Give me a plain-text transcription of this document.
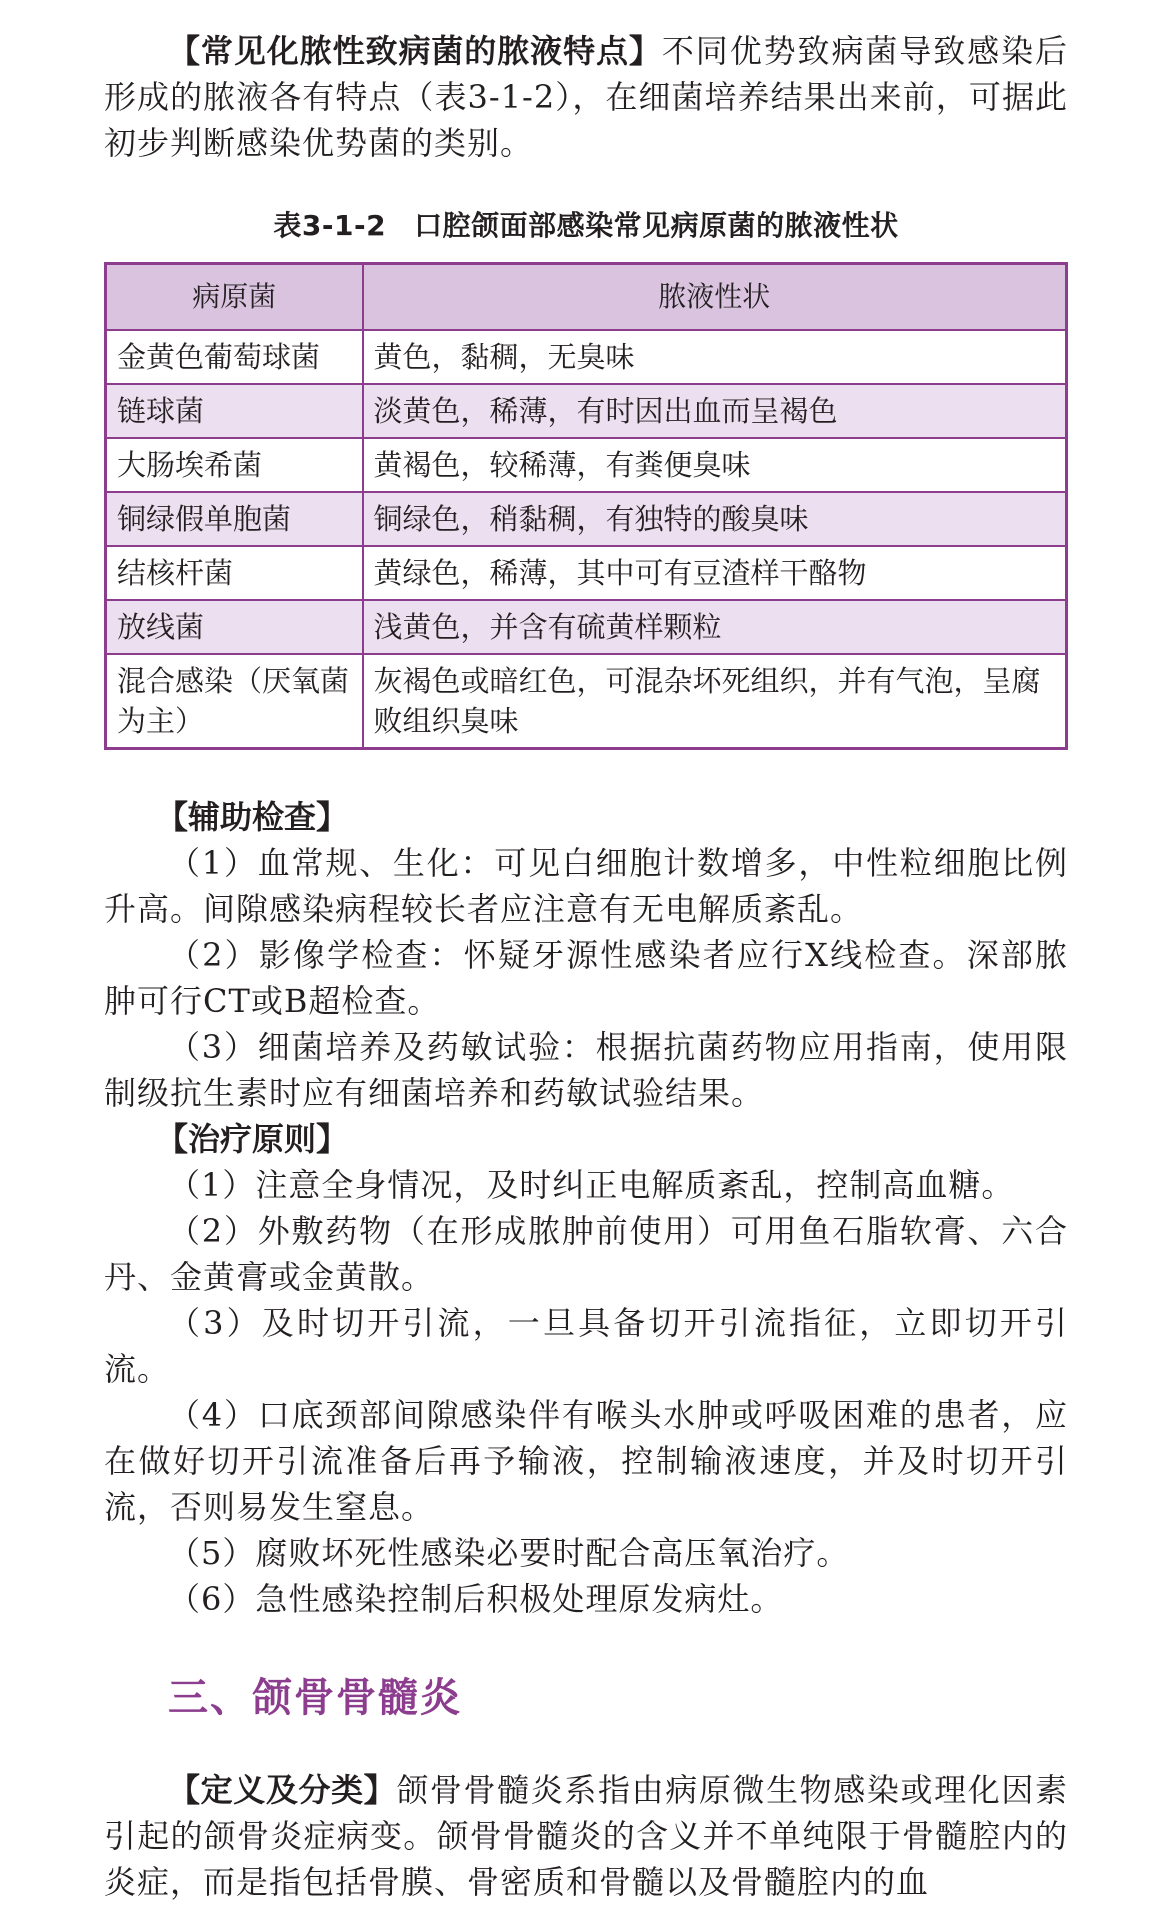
【常见化脓性致病菌的脓液特点】不同优势致病菌导致感染后形成的脓液各有特点（表3-1-2），在细菌培养结果出来前，可据此初步判断感染优势菌的类别。

表3-1-2 口腔颌面部感染常见病原菌的脓液性状
病原菌	脓液性状
金黄色葡萄球菌	黄色，黏稠，无臭味
链球菌	淡黄色，稀薄，有时因出血而呈褐色
大肠埃希菌	黄褐色，较稀薄，有粪便臭味
铜绿假单胞菌	铜绿色，稍黏稠，有独特的酸臭味
结核杆菌	黄绿色，稀薄，其中可有豆渣样干酪物
放线菌	浅黄色，并含有硫黄样颗粒
混合感染（厌氧菌为主）	灰褐色或暗红色，可混杂坏死组织，并有气泡，呈腐败组织臭味

【辅助检查】

（1）血常规、生化：可见白细胞计数增多，中性粒细胞比例升高。间隙感染病程较长者应注意有无电解质紊乱。

（2）影像学检查：怀疑牙源性感染者应行X线检查。深部脓肿可行CT或B超检查。

（3）细菌培养及药敏试验：根据抗菌药物应用指南，使用限制级抗生素时应有细菌培养和药敏试验结果。

【治疗原则】

（1）注意全身情况，及时纠正电解质紊乱，控制高血糖。

（2）外敷药物（在形成脓肿前使用）可用鱼石脂软膏、六合丹、金黄膏或金黄散。

（3）及时切开引流，一旦具备切开引流指征，立即切开引流。

（4）口底颈部间隙感染伴有喉头水肿或呼吸困难的患者，应在做好切开引流准备后再予输液，控制输液速度，并及时切开引流，否则易发生窒息。

（5）腐败坏死性感染必要时配合高压氧治疗。

（6）急性感染控制后积极处理原发病灶。

三、颌骨骨髓炎

【定义及分类】颌骨骨髓炎系指由病原微生物感染或理化因素引起的颌骨炎症病变。颌骨骨髓炎的含义并不单纯限于骨髓腔内的炎症，而是指包括骨膜、骨密质和骨髓以及骨髓腔内的血
